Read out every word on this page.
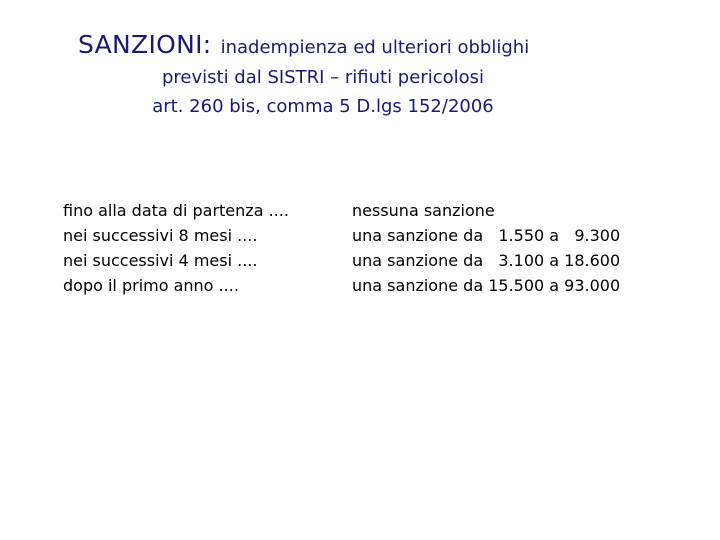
SANZIONI: inadempienza ed ulteriori obblighi
previsti dal SISTRI – rifiuti pericolosi
art. 260 bis, comma 5 D.lgs 152/2006
fino alla data di partenza ....
nei successivi 8 mesi ....
nei successivi 4 mesi ....
dopo il primo anno ....
nessuna sanzione
una sanzione da   1.550 a   9.300
una sanzione da   3.100 a 18.600
una sanzione da 15.500 a 93.000
